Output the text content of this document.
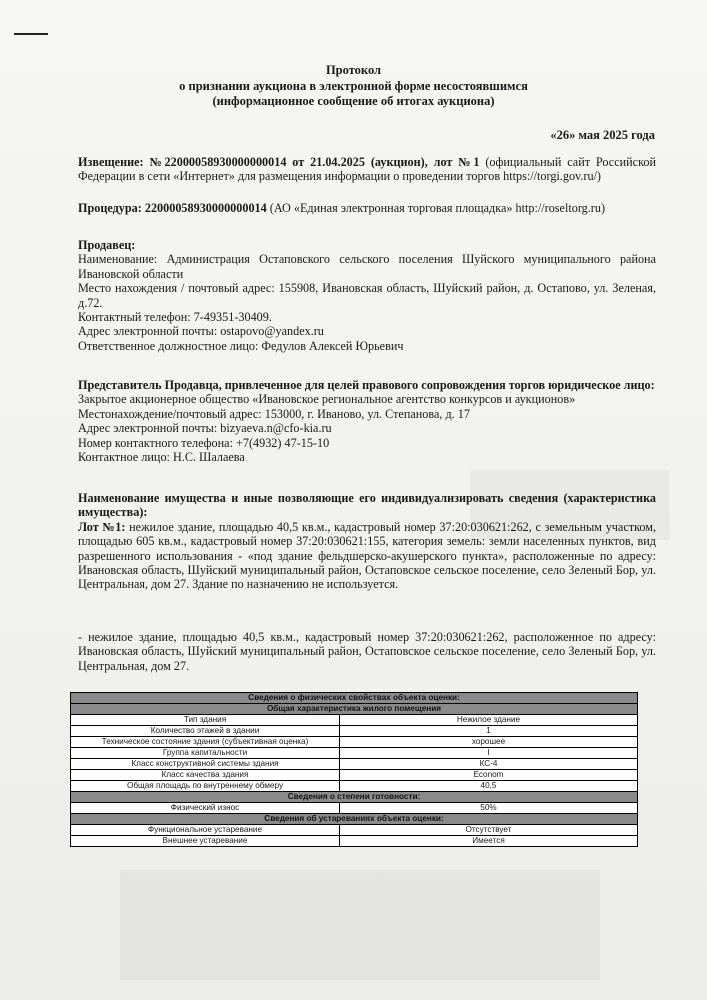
Протокол
о признании аукциона в электронной форме несостоявшимся
(информационное сообщение об итогах аукциона)
«26» мая 2025 года
Извещение: №22000058930000000014 от 21.04.2025 (аукцион), лот №1 (официальный сайт Российской Федерации в сети «Интернет» для размещения информации о проведении торгов https://torgi.gov.ru/)
Процедура: 22000058930000000014 (АО «Единая электронная торговая площадка» http://roseltorg.ru)
Продавец:
Наименование: Администрация Остаповского сельского поселения Шуйского муниципального района Ивановской области
Место нахождения / почтовый адрес: 155908, Ивановская область, Шуйский район, д. Остапово, ул. Зеленая, д.72.
Контактный телефон: 7-49351-30409.
Адрес электронной почты: ostapovo@yandex.ru
Ответственное должностное лицо: Федулов Алексей Юрьевич
Представитель Продавца, привлеченное для целей правового сопровождения торгов юридическое лицо:
Закрытое акционерное общество «Ивановское региональное агентство конкурсов и аукционов»
Местонахождение/почтовый адрес: 153000, г. Иваново, ул. Степанова, д. 17
Адрес электронной почты: bizyaeva.n@cfo-kia.ru
Номер контактного телефона: +7(4932) 47-15-10
Контактное лицо: Н.С. Шалаева
Наименование имущества и иные позволяющие его индивидуализировать сведения (характеристика имущества):
Лот №1: нежилое здание, площадью 40,5 кв.м., кадастровый номер 37:20:030621:262, с земельным участком, площадью 605 кв.м., кадастровый номер 37:20:030621:155, категория земель: земли населенных пунктов, вид разрешенного использования - «под здание фельдшерско-акушерского пункта», расположенные по адресу: Ивановская область, Шуйский муниципальный район, Остаповское сельское поселение, село Зеленый Бор, ул. Центральная, дом 27. Здание по назначению не используется.
- нежилое здание, площадью 40,5 кв.м., кадастровый номер 37:20:030621:262, расположенное по адресу: Ивановская область, Шуйский муниципальный район, Остаповское сельское поселение, село Зеленый Бор, ул. Центральная, дом 27.
Сведения о физических свойствах объекта оценки:	
Общая характеристика жилого помещения	
Тип здания	Нежилое здание
Количество этажей в здании	1
Техническое состояние здания (субъективная оценка)	хорошее
Группа капитальности	I
Класс конструктивной системы здания	КС-4
Класс качества здания	Econom
Общая площадь по внутреннему обмеру	40,5
Сведения о степени готовности:	
Физический износ	50%
Сведения об устареваниях объекта оценки:	
Функциональное устаревание	Отсутствует
Внешнее устаревание	Имеется
